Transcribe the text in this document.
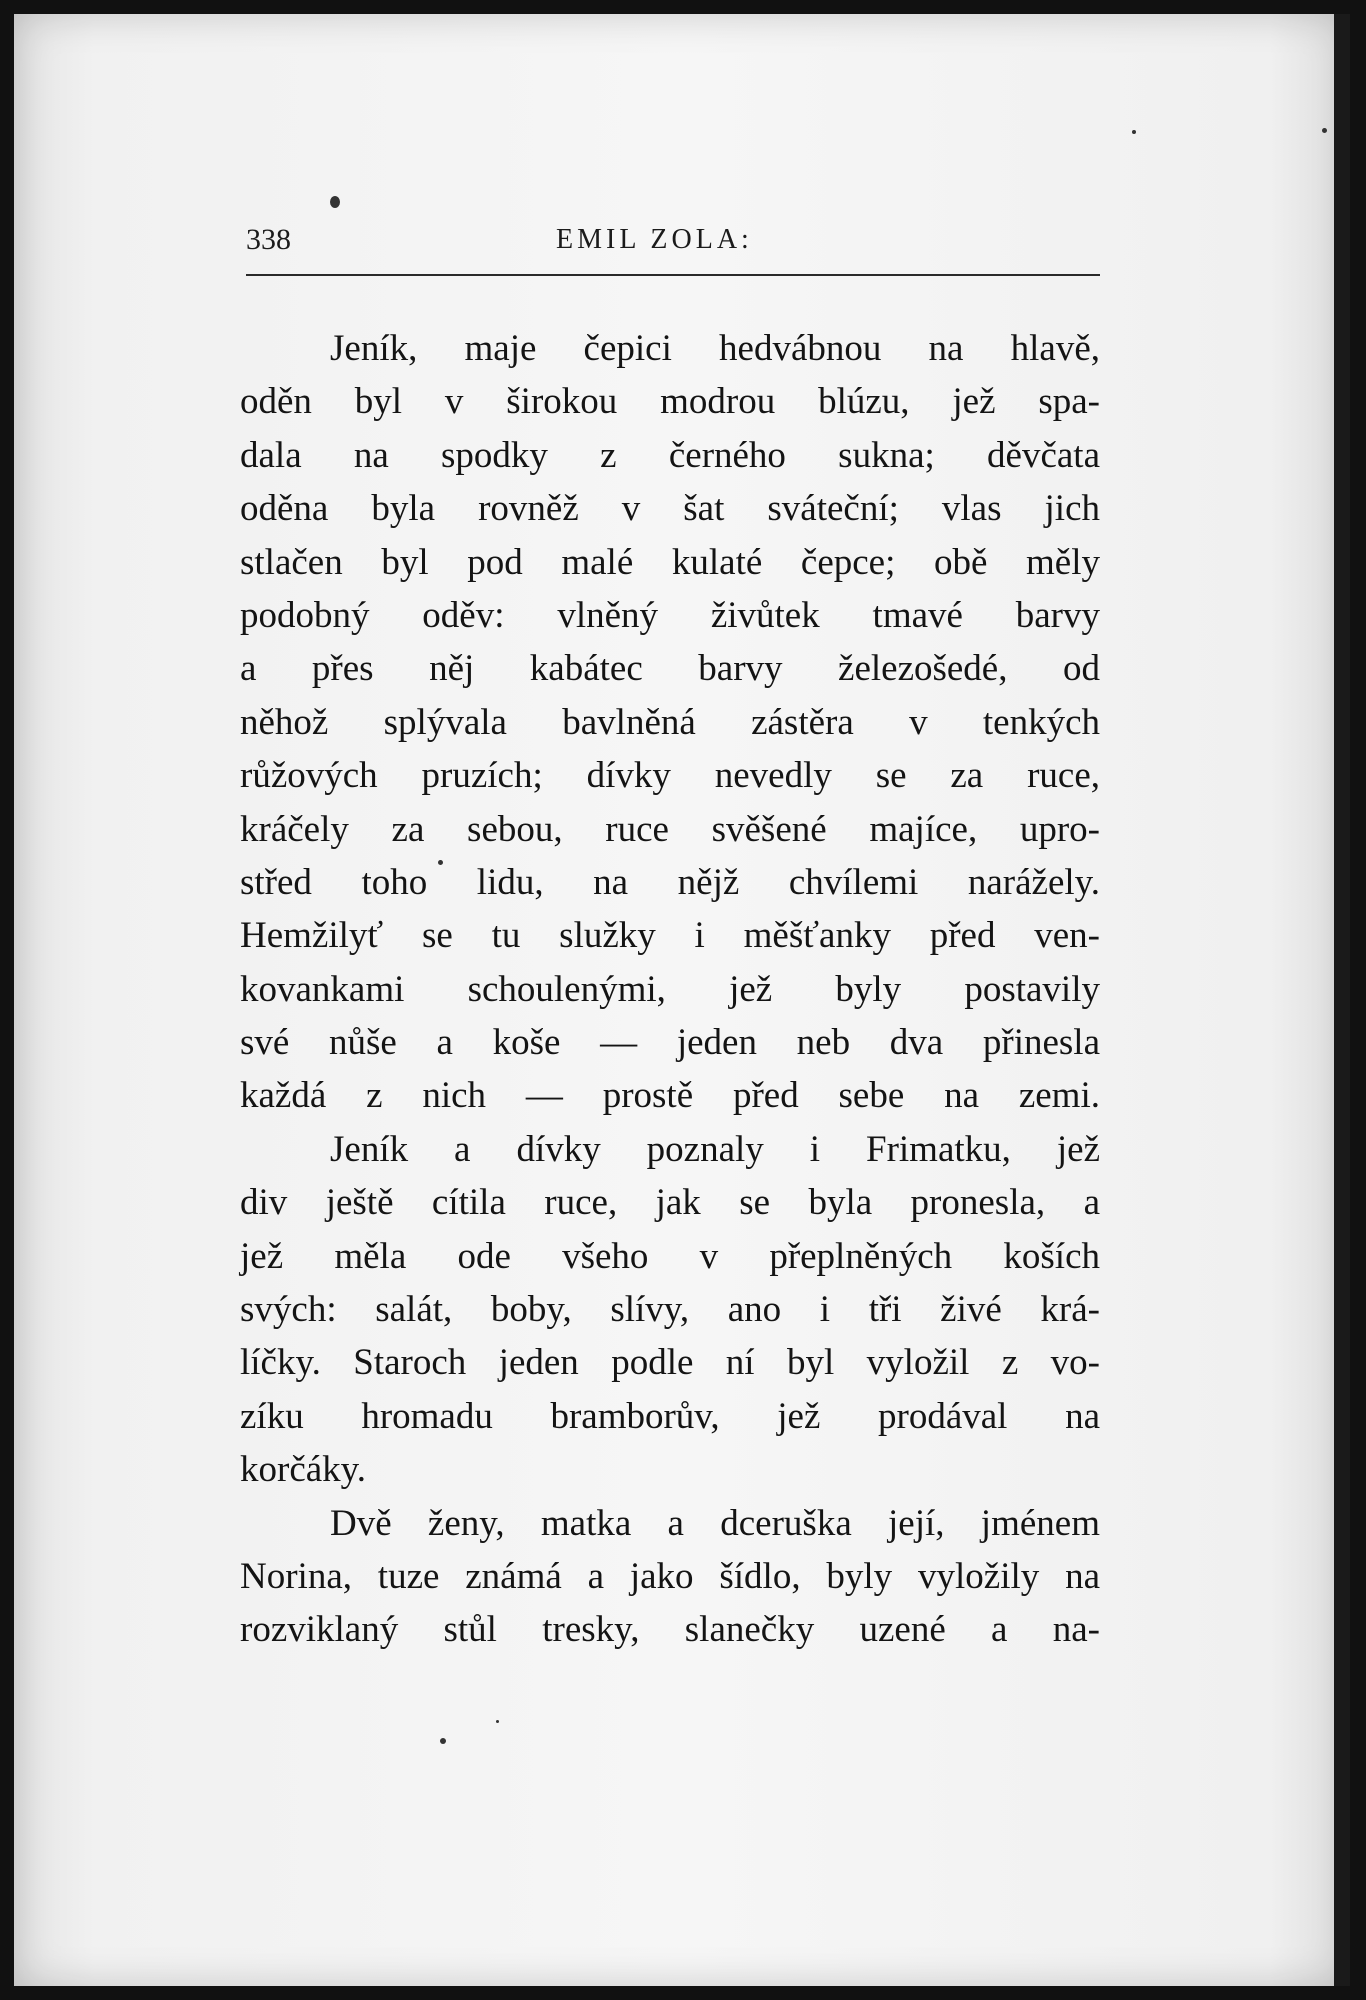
338	EMIL ZOLA:

Jeník, maje čepici hedvábnou na hlavě,
oděn byl v širokou modrou blúzu, jež spa-
dala na spodky z černého sukna; děvčata
oděna byla rovněž v šat sváteční; vlas jich
stlačen byl pod malé kulaté čepce; obě měly
podobný oděv: vlněný živůtek tmavé barvy
a přes něj kabátec barvy železošedé, od
něhož splývala bavlněná zástěra v tenkých
růžových pruzích; dívky nevedly se za ruce,
kráčely za sebou, ruce svěšené majíce, upro-
střed toho lidu, na nějž chvílemi narážely.
Hemžilyť se tu služky i měšťanky před ven-
kovankami schoulenými, jež byly postavily
své nůše a koše — jeden neb dva přinesla
každá z nich — prostě před sebe na zemi.

Jeník a dívky poznaly i Frimatku, jež
div ještě cítila ruce, jak se byla pronesla, a
jež měla ode všeho v přeplněných koších
svých: salát, boby, slívy, ano i tři živé krá-
líčky. Staroch jeden podle ní byl vyložil z vo-
zíku hromadu bramborův, jež prodával na
korčáky.

Dvě ženy, matka a dceruška její, jménem
Norina, tuze známá a jako šídlo, byly vyložily na
rozviklaný stůl tresky, slanečky uzené a na-
